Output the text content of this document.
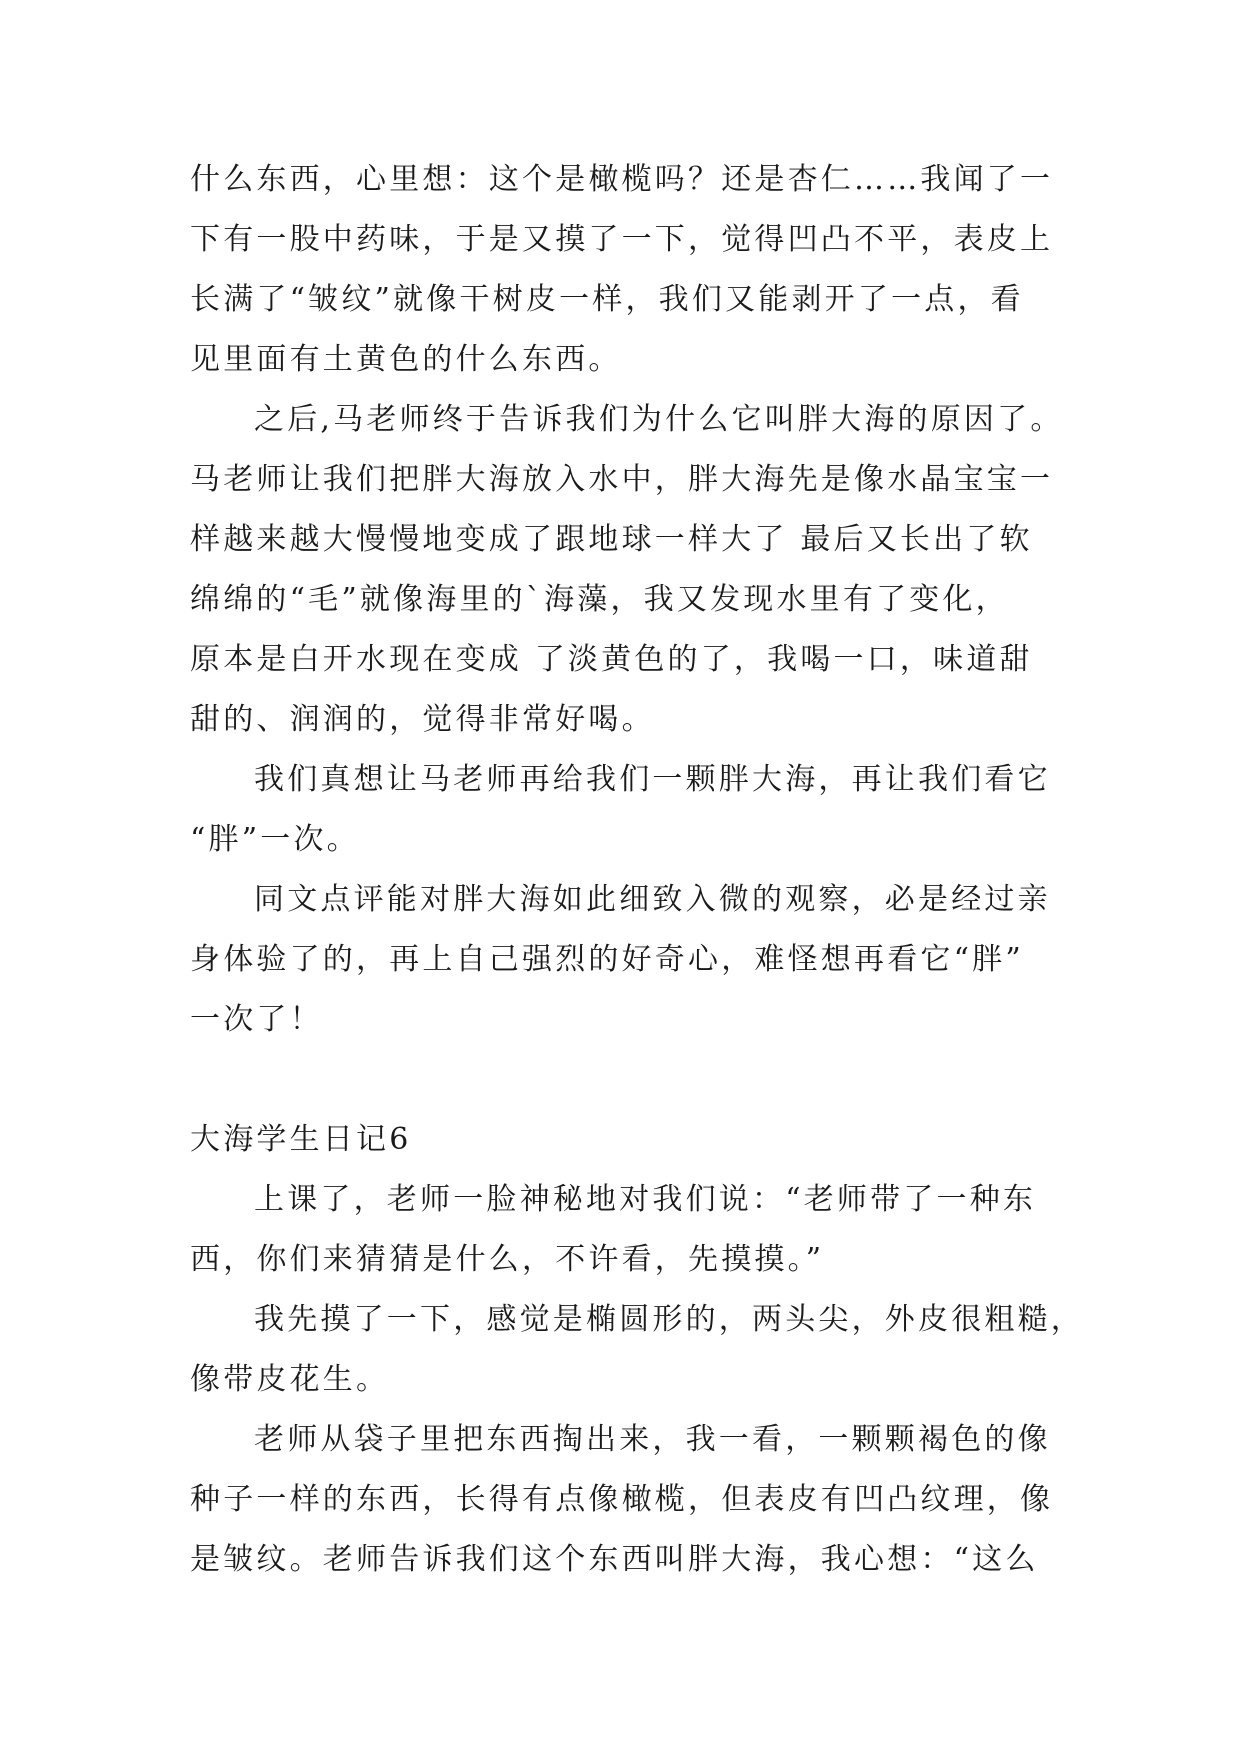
什么东西，心里想：这个是橄榄吗？还是杏仁……我闻了一
下有一股中药味，于是又摸了一下，觉得凹凸不平，表皮上
长满了“皱纹”就像干树皮一样，我们又能剥开了一点，看
见里面有土黄色的什么东西。
之后,马老师终于告诉我们为什么它叫胖大海的原因了。
马老师让我们把胖大海放入水中，胖大海先是像水晶宝宝一
样越来越大慢慢地变成了跟地球一样大了 最后又长出了软
绵绵的“毛”就像海里的`海藻，我又发现水里有了变化，
原本是白开水现在变成 了淡黄色的了，我喝一口，味道甜
甜的、润润的，觉得非常好喝。
我们真想让马老师再给我们一颗胖大海，再让我们看它
“胖”一次。
同文点评能对胖大海如此细致入微的观察，必是经过亲
身体验了的，再上自己强烈的好奇心，难怪想再看它“胖”
一次了！
大海学生日记6
上课了，老师一脸神秘地对我们说：“老师带了一种东
西，你们来猜猜是什么，不许看，先摸摸。”
我先摸了一下，感觉是椭圆形的，两头尖，外皮很粗糙，
像带皮花生。
老师从袋子里把东西掏出来，我一看，一颗颗褐色的像
种子一样的东西，长得有点像橄榄，但表皮有凹凸纹理，像
是皱纹。老师告诉我们这个东西叫胖大海，我心想：“这么
